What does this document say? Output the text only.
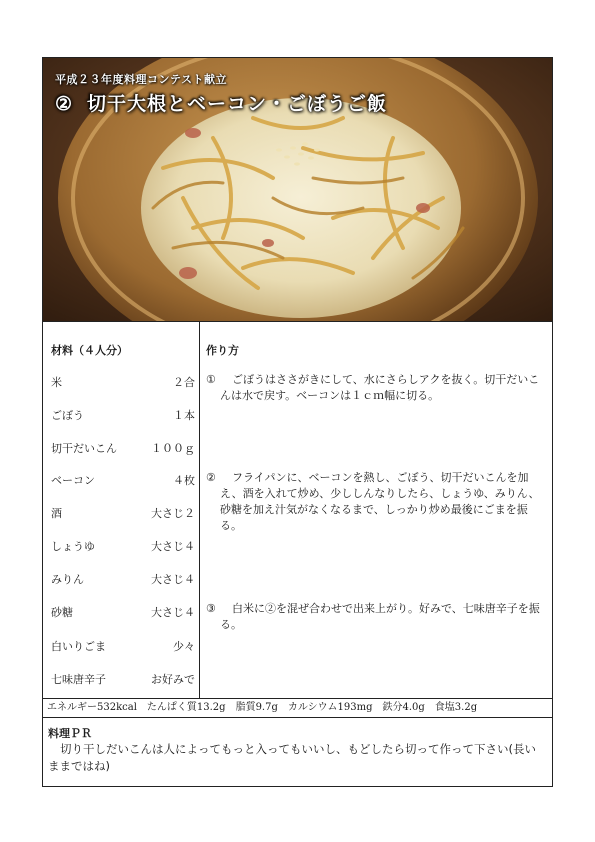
平成２３年度料理コンテスト献立
② 切干大根とベーコン・ごぼうご飯
材料（４人分）
米	２合
ごぼう	１本
切干だいこん	１００ｇ
ベーコン	４枚
酒	大さじ２
しょうゆ	大さじ４
みりん	大さじ４
砂糖	大さじ４
白いりごま	少々
七味唐辛子	お好みで
作り方
①	ごぼうはささがきにして、水にさらしアクを抜く。切干だいこんは水で戻す。ベーコンは１ｃｍ幅に切る。
②	フライパンに、ベーコンを熱し、ごぼう、切干だいこんを加え、酒を入れて炒め、少ししんなりしたら、しょうゆ、みりん、砂糖を加え汁気がなくなるまで、しっかり炒め最後にごまを振る。
③	白米に②を混ぜ合わせで出来上がり。好みで、七味唐辛子を振る。
エネルギー532kcal　たんぱく質13.2g　脂質9.7g　カルシウム193mg　鉄分4.0g　食塩3.2g
料理ＰＲ
切り干しだいこんは人によってもっと入ってもいいし、もどしたら切って作って下さい(長いままではね)
